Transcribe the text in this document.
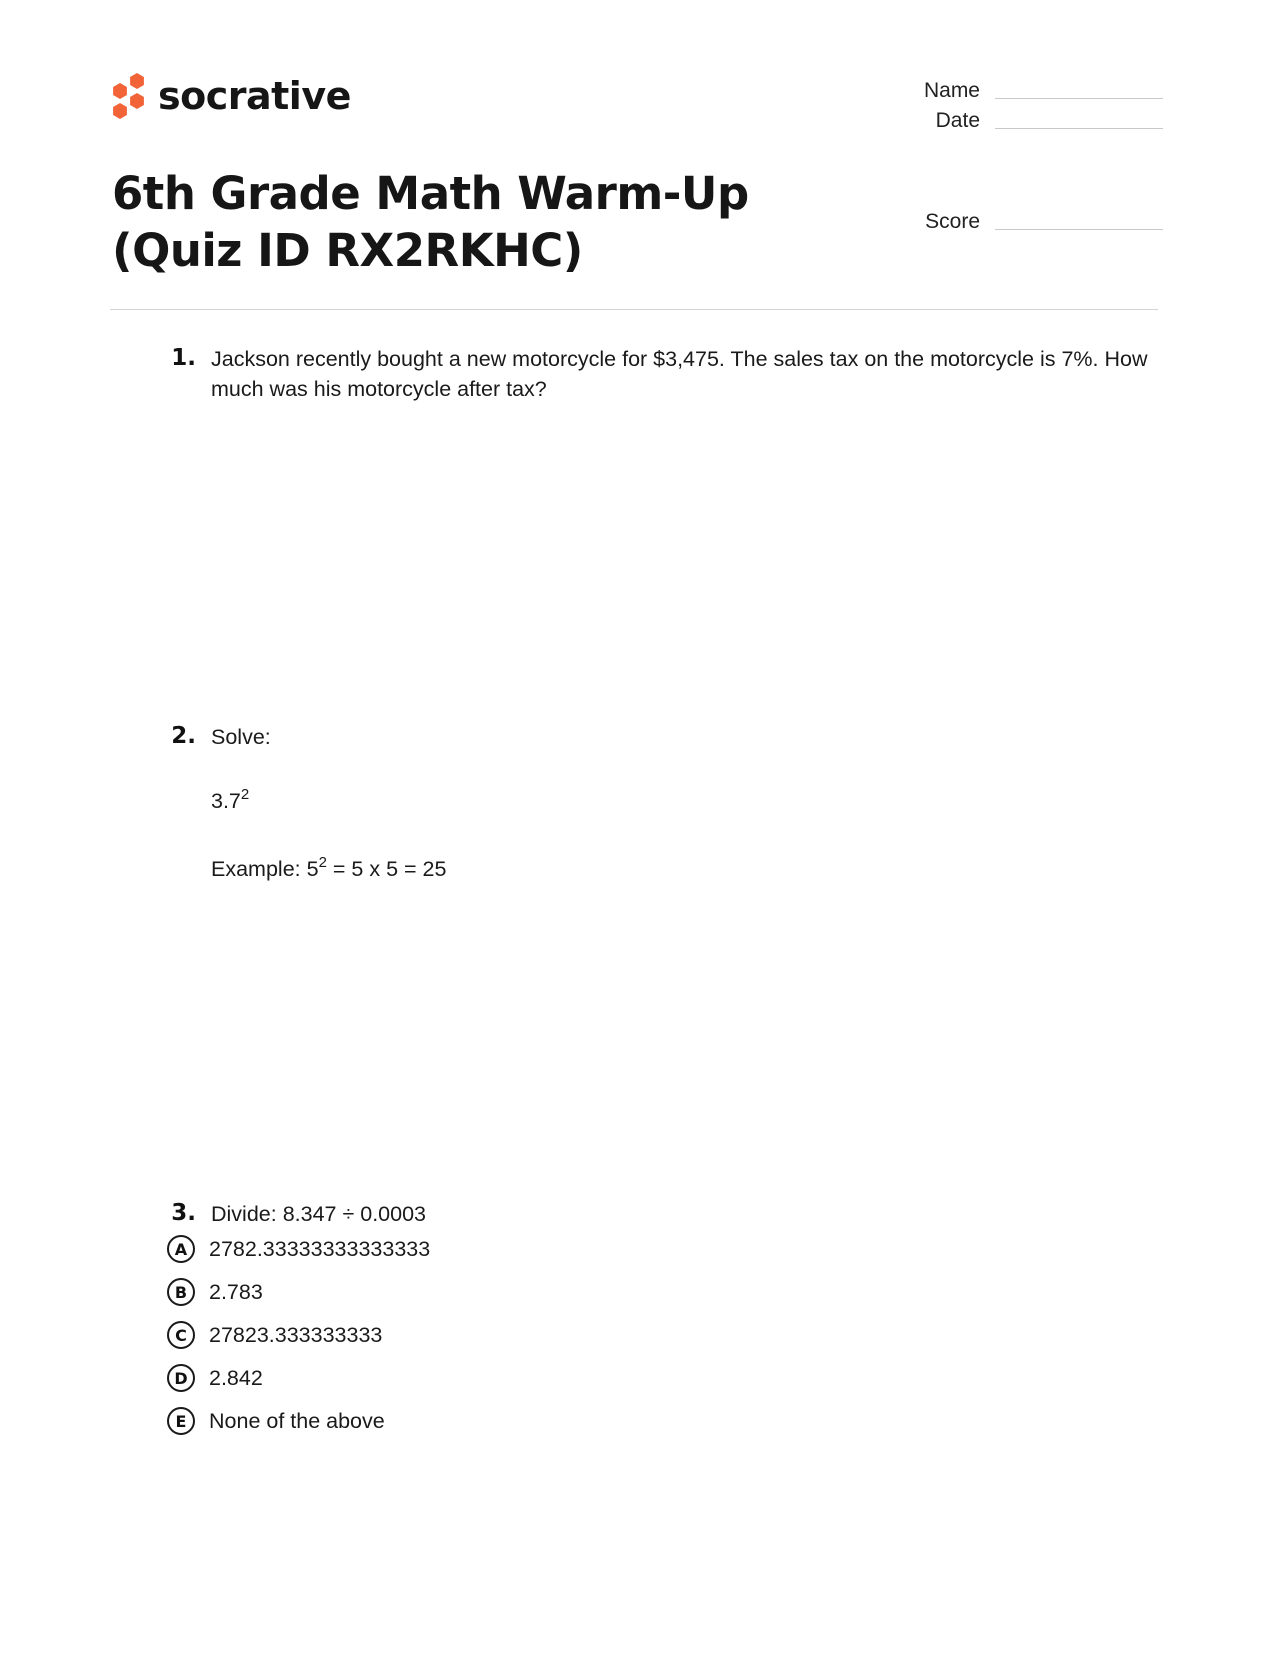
socrative	Name
Date
Score
6th Grade Math Warm-Up (Quiz ID RX2RKHC)
1. Jackson recently bought a new motorcycle for $3,475. The sales tax on the motorcycle is 7%. How much was his motorcycle after tax?
2. Solve:
$3.7^2$
Example: $5^2 = 5$ x 5 = 25
3. Divide: 8.347 ÷ 0.0003
A	2782.33333333333333
B	2.783
C	27823.333333333
D 2.842
E	None of the above
